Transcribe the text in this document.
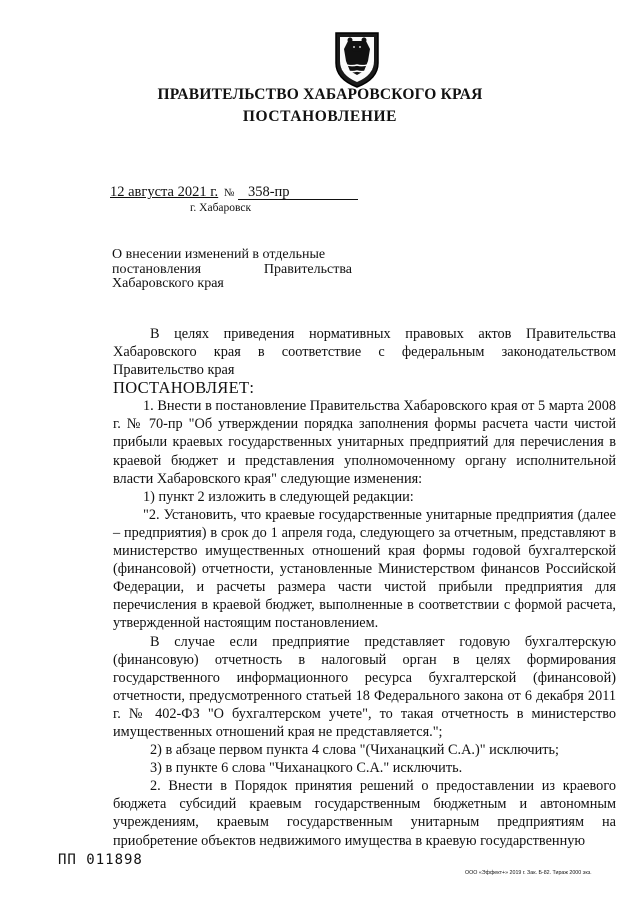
ПРАВИТЕЛЬСТВО ХАБАРОВСКОГО КРАЯ
ПОСТАНОВЛЕНИЕ
12 августа 2021 г. № 358-пр
г. Хабаровск
О внесении изменений в отдельные
постановления	Правительства
Хабаровского края

В целях приведения нормативных правовых актов Правительства Хабаровского края в соответствие с федеральным законодательством Правительство края

ПОСТАНОВЛЯЕТ:

1. Внести в постановление Правительства Хабаровского края от 5 марта 2008 г. № 70-пр "Об утверждении порядка заполнения формы расчета части чистой прибыли краевых государственных унитарных предприятий для перечисления в краевой бюджет и представления уполномоченному органу исполнительной власти Хабаровского края" следующие изменения:

1) пункт 2 изложить в следующей редакции:

"2. Установить, что краевые государственные унитарные предприятия (далее – предприятия) в срок до 1 апреля года, следующего за отчетным, представляют в министерство имущественных отношений края формы годовой бухгалтерской (финансовой) отчетности, установленные Министерством финансов Российской Федерации, и расчеты размера части чистой прибыли предприятия для перечисления в краевой бюджет, выполненные в соответствии с формой расчета, утвержденной настоящим постановлением.

В случае если предприятие представляет годовую бухгалтерскую (финансовую) отчетность в налоговый орган в целях формирования государственного информационного ресурса бухгалтерской (финансовой) отчетности, предусмотренного статьей 18 Федерального закона от 6 декабря 2011 г. № 402-ФЗ "О бухгалтерском учете", то такая отчетность в министерство имущественных отношений края не представляется.";

2) в абзаце первом пункта 4 слова "(Чиханацкий С.А.)" исключить;

3) в пункте 6 слова "Чиханацкого С.А." исключить.

2. Внести в Порядок принятия решений о предоставлении из краевого бюджета субсидий краевым государственным бюджетным и автономным учреждениям, краевым государственным унитарным предприятиям на приобретение объектов недвижимого имущества в краевую государственную

ПП 011898
ООО «Эффект+» 2019 г. Зак. Б-82. Тираж 2000 экз.
